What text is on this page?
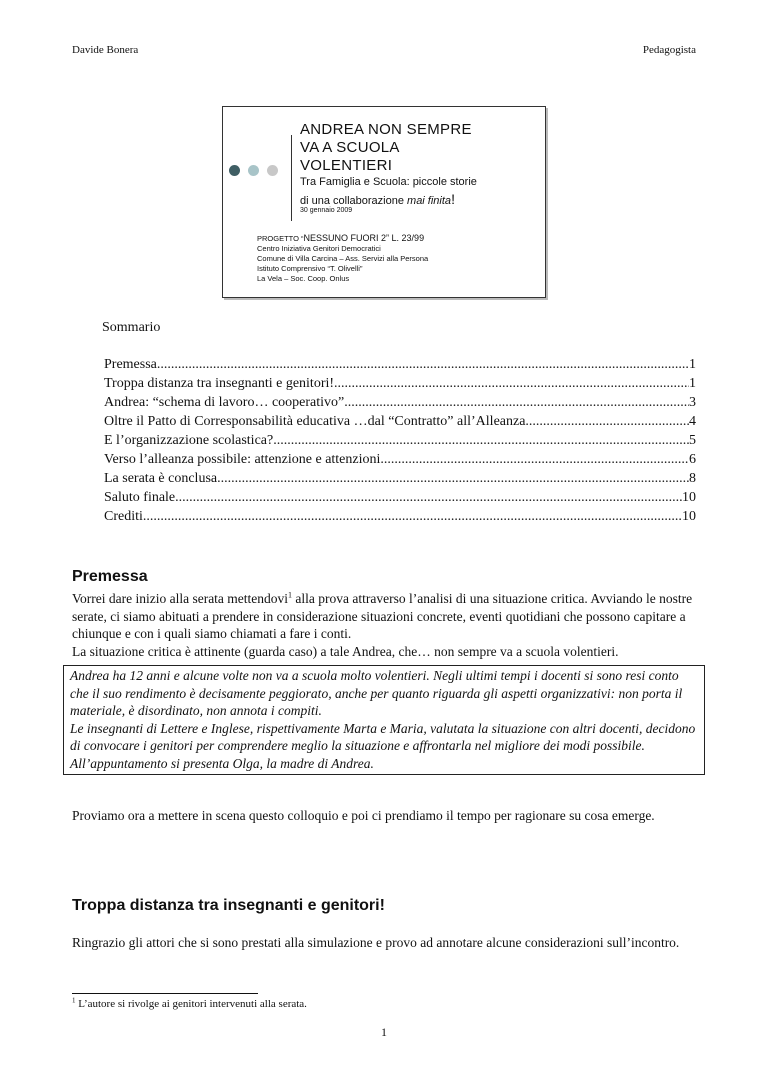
Davide Bonera	Pedagogista
ANDREA NON SEMPRE
VA A SCUOLA
VOLENTIERI
Tra Famiglia e Scuola: piccole storie
di una collaborazione mai finita!
30 gennaio 2009
PROGETTO “NESSUNO FUORI 2” L. 23/99
Centro Iniziativa Genitori Democratici
Comune di Villa Carcina – Ass. Servizi alla Persona
Istituto Comprensivo “T. Olivelli”
La Vela – Soc. Coop. Onlus
Sommario
Premessa .....	1
Troppa distanza tra insegnanti e genitori! .....	1
Andrea: “schema di lavoro… cooperativo” .....	3
Oltre il Patto di Corresponsabilità educativa …dal “Contratto” all’Alleanza .....	4
E l’organizzazione scolastica? .....	5
Verso l’alleanza possibile: attenzione e attenzioni .....	6
La serata è conclusa .....	8
Saluto finale .....	10
Crediti .....	10
Premessa
Vorrei dare inizio alla serata mettendovi$^1$ alla prova attraverso l’analisi di una situazione critica. Avviando le nostre serate, ci siamo abituati a prendere in considerazione situazioni concrete, eventi quotidiani che possono capitare a chiunque e con i quali siamo chiamati a fare i conti.
La situazione critica è attinente (guarda caso) a tale Andrea, che… non sempre va a scuola volentieri.
Andrea ha 12 anni e alcune volte non va a scuola molto volentieri. Negli ultimi tempi i docenti si sono resi conto che il suo rendimento è decisamente peggiorato, anche per quanto riguarda gli aspetti organizzativi: non porta il materiale, è disordinato, non annota i compiti.
Le insegnanti di Lettere e Inglese, rispettivamente Marta e Maria, valutata la situazione con altri docenti, decidono di convocare i genitori per comprendere meglio la situazione e affrontarla nel migliore dei modi possibile.
All’appuntamento si presenta Olga, la madre di Andrea.
Proviamo ora a mettere in scena questo colloquio e poi ci prendiamo il tempo per ragionare su cosa emerge.
Troppa distanza tra insegnanti e genitori!
Ringrazio gli attori che si sono prestati alla simulazione e provo ad annotare alcune considerazioni sull’incontro.
$^1$ L’autore si rivolge ai genitori intervenuti alla serata.
1
